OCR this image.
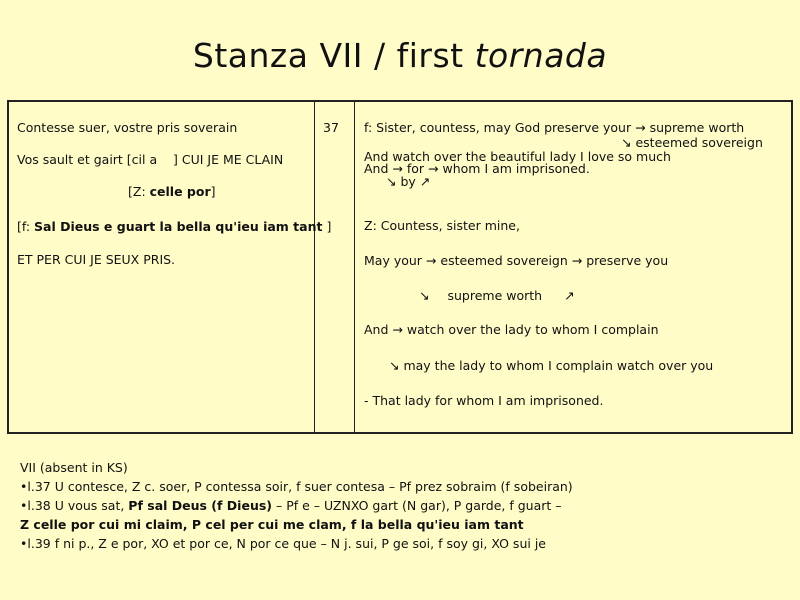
Stanza VII / first tornada
Contesse suer, vostre pris soverain
Vos sault et gairt [cil a    ] CUI JE ME CLAIN
[Z: celle por]
[f: Sal Dieus e guart la bella qu'ieu iam tant ]
ET PER CUI JE SEUX PRIS.
37 f: Sister, countess, may God preserve your → supreme worth
↘ esteemed sovereign
And watch over the beautiful lady I love so much
And → for → whom I am imprisoned.
↘ by ↗
Z: Countess, sister mine,
May your → esteemed sovereign → preserve you
↘ supreme worth ↗
And → watch over the lady to whom I complain
↘ may the lady to whom I complain watch over you
- That lady for whom I am imprisoned.
VII (absent in KS)
•l.37 U contesce, Z c. soer, P contessa soir, f suer contesa – Pf prez sobraim (f sobeiran)
•l.38 U vous sat, Pf sal Deus (f Dieus) – Pf e – UZNXO gart (N gar), P garde, f guart –
Z celle por cui mi claim, P cel per cui me clam, f la bella qu'ieu iam tant
•l.39 f ni p., Z e por, XO et por ce, N por ce que – N j. sui, P ge soi, f soy gi, XO sui je
